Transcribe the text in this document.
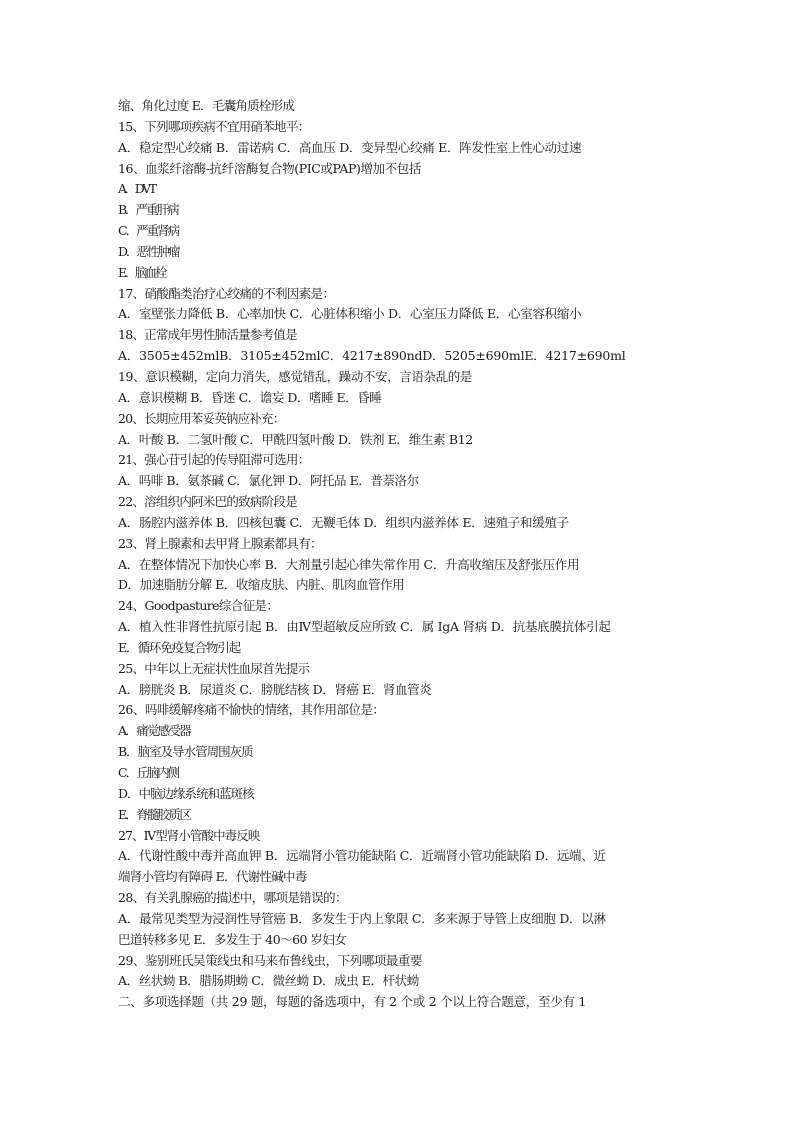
缩、角化过度 E．毛囊角质栓形成
15、下列哪项疾病不宜用硝苯地平：
A．稳定型心绞痛 B．雷诺病 C．高血压 D．变异型心绞痛 E．阵发性室上性心动过速
16、血浆纤溶酶-抗纤溶酶复合物(PIC或PAP)增加不包括
A．DVT
B．严重肝病
C．严重肾病
D．恶性肿瘤
E．脑血栓
17、硝酸酯类治疗心绞痛的不利因素是：
A．室壁张力降低 B．心率加快 C．心脏体积缩小 D．心室压力降低 E．心室容积缩小
18、正常成年男性肺活量参考值是
A．3505±452mlB．3105±452mlC．4217±890ndD．5205±690mlE．4217±690ml
19、意识模糊，定向力消失，感觉错乱，躁动不安，言语杂乱的是
A．意识模糊 B．昏迷 C．谵妄 D．嗜睡 E．昏睡
20、长期应用苯妥英钠应补充：
A．叶酸 B．二氢叶酸 C．甲酰四氢叶酸 D．铁剂 E．维生素 B12
21、强心苷引起的传导阻滞可选用：
A．吗啡 B．氨茶碱 C．氯化钾 D．阿托品 E．普萘洛尔
22、溶组织内阿米巴的致病阶段是
A．肠腔内滋养体 B．四核包囊 C．无鞭毛体 D．组织内滋养体 E．速殖子和缓殖子
23、肾上腺素和去甲肾上腺素都具有：
A．在整体情况下加快心率 B．大剂量引起心律失常作用 C．升高收缩压及舒张压作用
D．加速脂肪分解 E．收缩皮肤、内脏、肌肉血管作用
24、Goodpasture综合征是：
A．植入性非肾性抗原引起 B．由Ⅳ型超敏反应所致 C．属 IgA 肾病 D．抗基底膜抗体引起
E．循环免疫复合物引起
25、中年以上无症状性血尿首先提示
A．膀胱炎 B．尿道炎 C．膀胱结核 D．肾癌 E．肾血管炎
26、吗啡缓解疼痛不愉快的情绪，其作用部位是：
A．痛觉感受器
B．脑室及导水管周围灰质
C．丘脑内侧
D．中脑边缘系统和蓝斑核
E．脊髓胶质区
27、Ⅳ型肾小管酸中毒反映
A．代谢性酸中毒并高血钾 B．远端肾小管功能缺陷 C．近端肾小管功能缺陷 D．远端、近
端肾小管均有障碍 E．代谢性碱中毒
28、有关乳腺癌的描述中，哪项是错误的：
A．最常见类型为浸润性导管癌 B．多发生于内上象限 C．多来源于导管上皮细胞 D．以淋
巴道转移多见 E．多发生于 40～60 岁妇女
29、鉴别班氏吴策线虫和马来布鲁线虫，下列哪项最重要
A．丝状蚴 B．腊肠期蚴 C．微丝蚴 D．成虫 E．杆状蚴
二、多项选择题（共 29 题，每题的备选项中，有 2 个或 2 个以上符合题意，至少有 1
